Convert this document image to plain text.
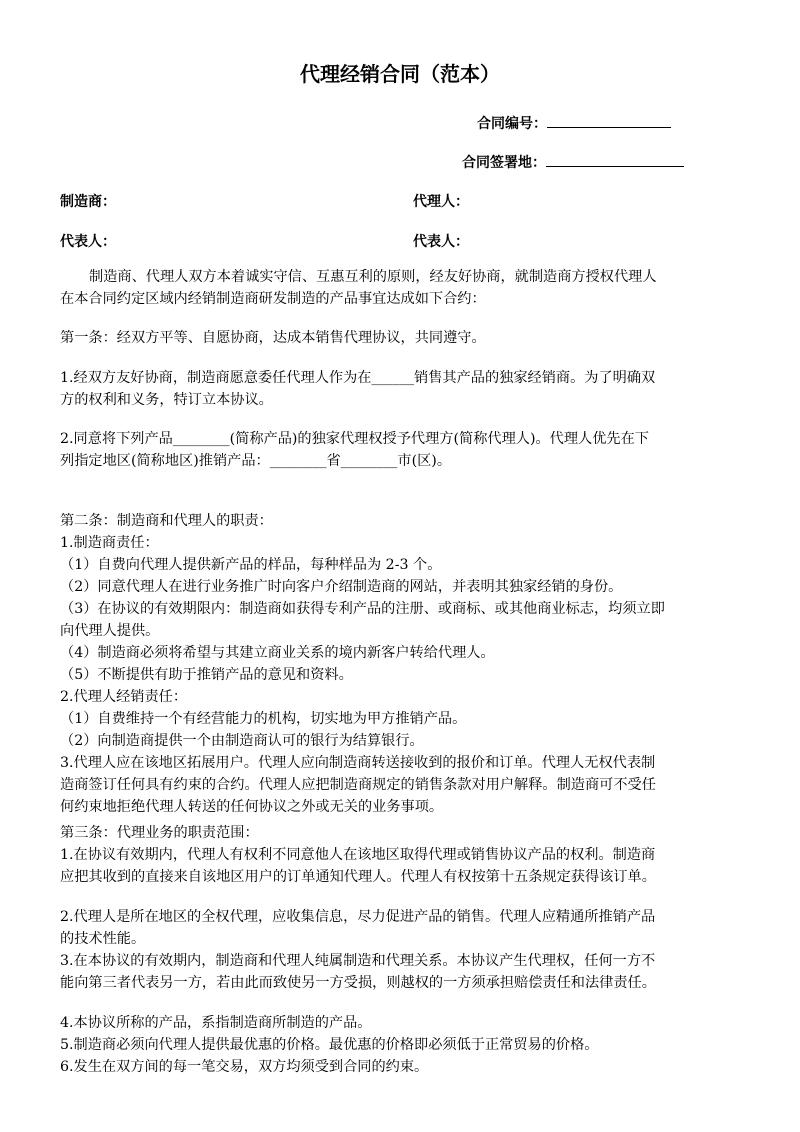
代理经销合同（范本）
合同编号：
合同签署地：
制造商：	代理人：
代表人：	代表人：
制造商、代理人双方本着诚实守信、互惠互利的原则，经友好协商，就制造商方授权代理人
在本合同约定区域内经销制造商研发制造的产品事宜达成如下合约：
第一条：经双方平等、自愿协商，达成本销售代理协议，共同遵守。
1.经双方友好协商，制造商愿意委任代理人作为在______销售其产品的独家经销商。为了明确双
方的权利和义务，特订立本协议。
2.同意将下列产品________(简称产品)的独家代理权授予代理方(简称代理人)。代理人优先在下
列指定地区(简称地区)推销产品：________省________市(区)。
第二条：制造商和代理人的职责：
1.制造商责任：
（1）自费向代理人提供新产品的样品，每种样品为 2-3 个。
（2）同意代理人在进行业务推广时向客户介绍制造商的网站，并表明其独家经销的身份。
（3）在协议的有效期限内：制造商如获得专利产品的注册、或商标、或其他商业标志，均须立即
向代理人提供。
（4）制造商必须将希望与其建立商业关系的境内新客户转给代理人。
（5）不断提供有助于推销产品的意见和资料。
2.代理人经销责任：
（1）自费维持一个有经营能力的机构，切实地为甲方推销产品。
（2）向制造商提供一个由制造商认可的银行为结算银行。
3.代理人应在该地区拓展用户。代理人应向制造商转送接收到的报价和订单。代理人无权代表制
造商签订任何具有约束的合约。代理人应把制造商规定的销售条款对用户解释。制造商可不受任
何约束地拒绝代理人转送的任何协议之外或无关的业务事项。
第三条：代理业务的职责范围：
1.在协议有效期内，代理人有权利不同意他人在该地区取得代理或销售协议产品的权利。制造商
应把其收到的直接来自该地区用户的订单通知代理人。代理人有权按第十五条规定获得该订单。
2.代理人是所在地区的全权代理，应收集信息，尽力促进产品的销售。代理人应精通所推销产品
的技术性能。
3.在本协议的有效期内，制造商和代理人纯属制造和代理关系。本协议产生代理权，任何一方不
能向第三者代表另一方，若由此而致使另一方受损，则越权的一方须承担赔偿责任和法律责任。
4.本协议所称的产品，系指制造商所制造的产品。
5.制造商必须向代理人提供最优惠的价格。最优惠的价格即必须低于正常贸易的价格。
6.发生在双方间的每一笔交易，双方均须受到合同的约束。
